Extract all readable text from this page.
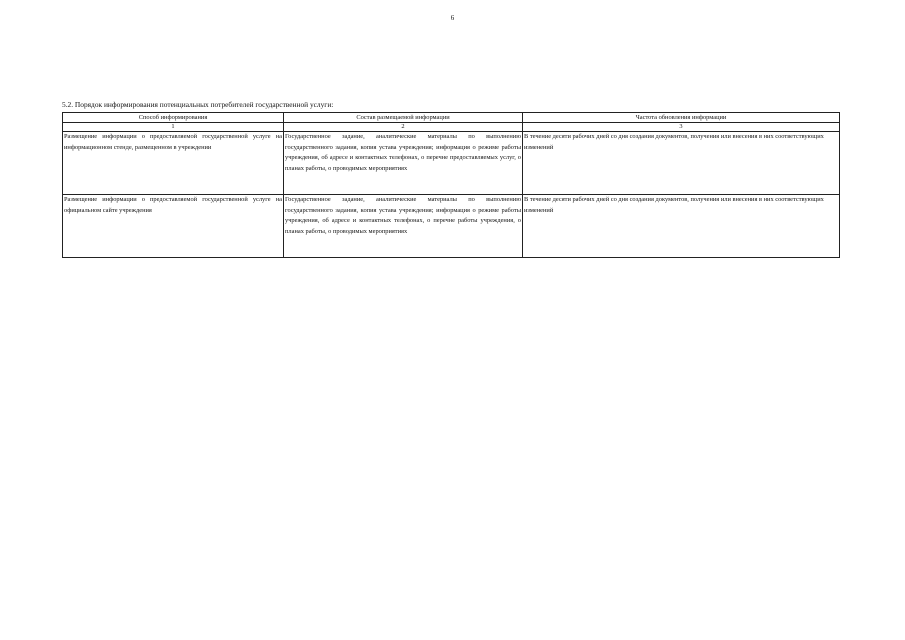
6
5.2. Порядок информирования потенциальных потребителей государственной услуги:
Способ информирования	Состав размещаемой информации	Частота обновления информации
1	2	3
Размещение информации о предоставляемой государственной услуге на информационном стенде, размещенном в учреждении	Государственное задание, аналитические материалы по выполнению государственного задания, копия устава учреждения; информация о режиме работы учреждения, об адресе и контактных телефонах, о перечне предоставляемых услуг, о планах работы, о проводимых мероприятиях	В течение десяти рабочих дней со дня создания документов, получения или внесения в них соответствующих изменений
Размещение информации о предоставляемой государственной услуге на официальном сайте учреждения	Государственное задание, аналитические материалы по выполнению государственного задания, копия устава учреждения; информация о режиме работы учреждения, об адресе и контактных телефонах, о перечне работы учреждения, о планах работы, о проводимых мероприятиях	В течение десяти рабочих дней со дня создания документов, получения или внесения в них соответствующих изменений
